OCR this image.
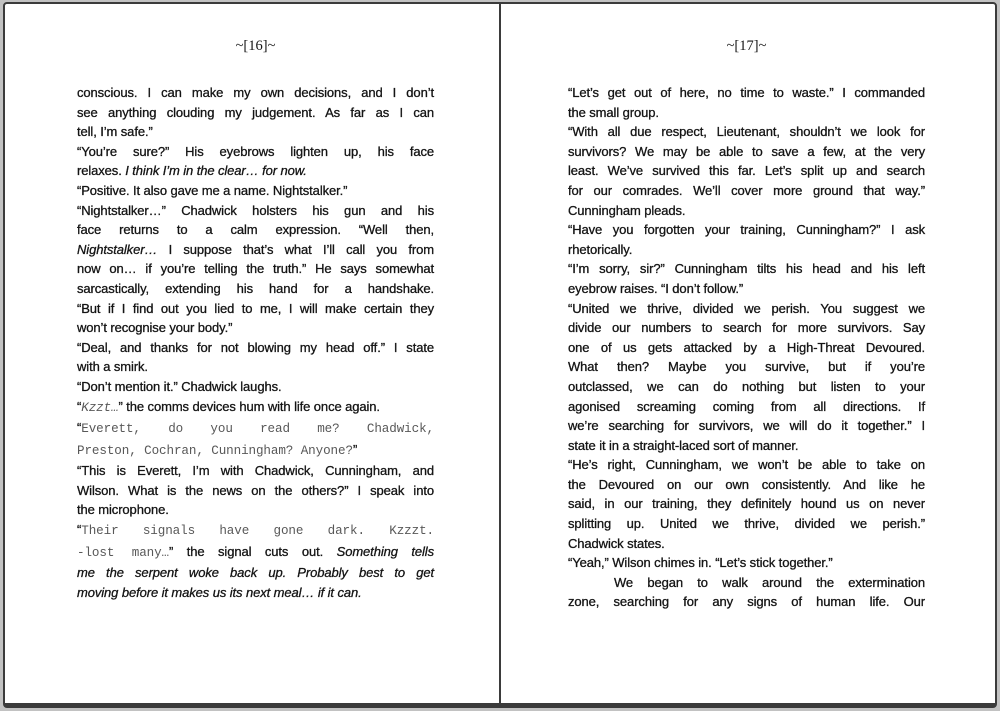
~[16]~
conscious. I can make my own decisions, and I don’t
see anything clouding my judgement. As far as I can
tell, I’m safe.”
“You’re sure?” His eyebrows lighten up, his face
relaxes. I think I’m in the clear… for now.
“Positive. It also gave me a name. Nightstalker.”
“Nightstalker…” Chadwick holsters his gun and his
face returns to a calm expression. “Well then,
Nightstalker… I suppose that’s what I’ll call you from
now on… if you’re telling the truth.” He says somewhat
sarcastically, extending his hand for a handshake.
“But if I find out you lied to me, I will make certain they
won’t recognise your body.”
“Deal, and thanks for not blowing my head off.” I state
with a smirk.
“Don’t mention it.” Chadwick laughs.
“Kzzt…” the comms devices hum with life once again.
“Everett, do you read me? Chadwick,
Preston, Cochran, Cunningham? Anyone?”
“This is Everett, I’m with Chadwick, Cunningham, and
Wilson. What is the news on the others?” I speak into
the microphone.
“Their signals have gone dark. Kzzzt.
-lost many…” the signal cuts out. Something tells
me the serpent woke back up. Probably best to get
moving before it makes us its next meal… if it can.
~[17]~
“Let’s get out of here, no time to waste.” I commanded
the small group.
“With all due respect, Lieutenant, shouldn’t we look for
survivors? We may be able to save a few, at the very
least. We’ve survived this far. Let’s split up and search
for our comrades. We’ll cover more ground that way.”
Cunningham pleads.
“Have you forgotten your training, Cunningham?” I ask
rhetorically.
“I’m sorry, sir?” Cunningham tilts his head and his left
eyebrow raises. “I don’t follow.”
“United we thrive, divided we perish. You suggest we
divide our numbers to search for more survivors. Say
one of us gets attacked by a High-Threat Devoured.
What then? Maybe you survive, but if you’re
outclassed, we can do nothing but listen to your
agonised screaming coming from all directions. If
we’re searching for survivors, we will do it together.” I
state it in a straight-laced sort of manner.
“He’s right, Cunningham, we won’t be able to take on
the Devoured on our own consistently. And like he
said, in our training, they definitely hound us on never
splitting up. United we thrive, divided we perish.”
Chadwick states.
“Yeah,” Wilson chimes in. “Let’s stick together.”
We began to walk around the extermination
zone, searching for any signs of human life. Our
